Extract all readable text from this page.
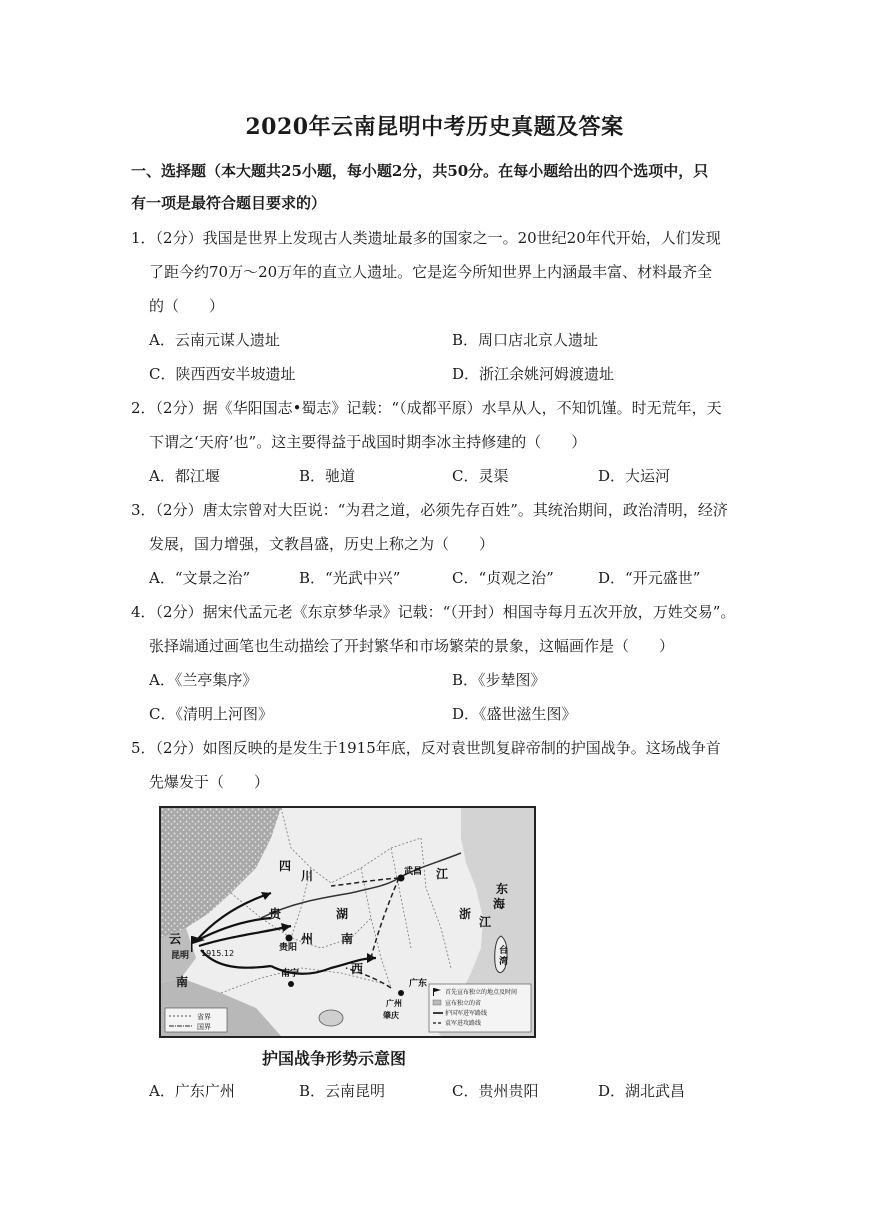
2020年云南昆明中考历史真题及答案
一、选择题（本大题共25小题，每小题2分，共50分。在每小题给出的四个选项中，只
有一项是最符合题目要求的）
1．（2分）我国是世界上发现古人类遗址最多的国家之一。20世纪20年代开始，人们发现
了距今约70万～20万年的直立人遗址。它是迄今所知世界上内涵最丰富、材料最齐全
的（　　）
A．云南元谋人遗址	B．周口店北京人遗址
C．陕西西安半坡遗址	D．浙江余姚河姆渡遗址
2．（2分）据《华阳国志•蜀志》记载：“（成都平原）水旱从人，不知饥馑。时无荒年，天
下谓之‘天府’也”。这主要得益于战国时期李冰主持修建的（　　）
A．都江堰	B．驰道	C．灵渠	D．大运河
3．（2分）唐太宗曾对大臣说：“为君之道，必须先存百姓”。其统治期间，政治清明，经济
发展，国力增强，文教昌盛，历史上称之为（　　）
A．“文景之治”	B．“光武中兴”	C．“贞观之治”	D．“开元盛世”
4．（2分）据宋代孟元老《东京梦华录》记载：“（开封）相国寺每月五次开放，万姓交易”。
张择端通过画笔也生动描绘了开封繁华和市场繁荣的景象，这幅画作是（　　）
A．《兰亭集序》	B．《步辇图》
C．《清明上河图》	D．《盛世滋生图》
5．（2分）如图反映的是发生于1915年底，反对袁世凯复辟帝制的护国战争。这场战争首
先爆发于（　　）
四
川
贵
州
贵阳
湖
南
武昌
浙
江
江
东
海
台
湾
云
昆明 1915.12
南
西
广东
南宁
广州
肇庆
省界
国界
首先宣布独立的地点及时间
宣布独立的省
护国军进军路线
袁军进攻路线
护国战争形势示意图
A．广东广州	B．云南昆明	C．贵州贵阳	D．湖北武昌
